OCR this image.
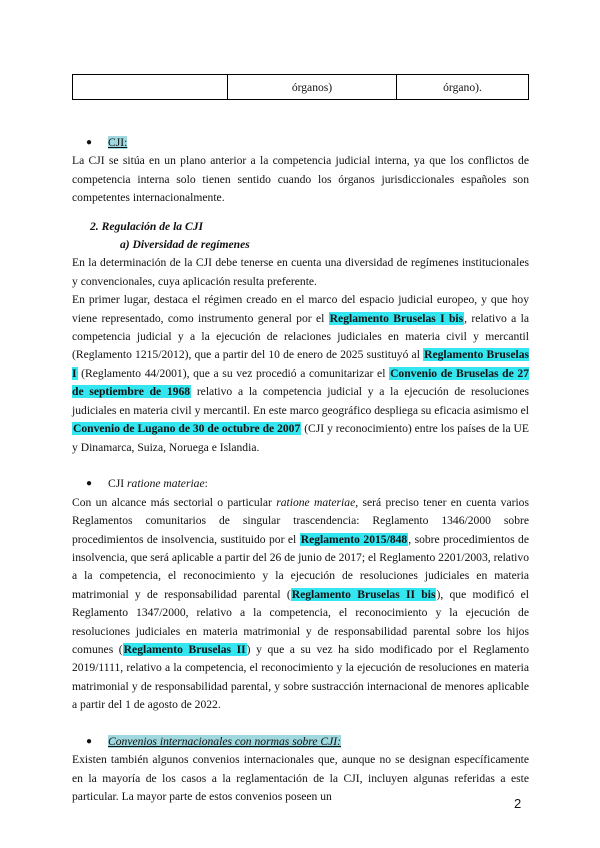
	órganos)	órgano).
● CJI:

La CJI se sitúa en un plano anterior a la competencia judicial interna, ya que los conflictos de competencia interna solo tienen sentido cuando los órganos jurisdiccionales españoles son competentes internacionalmente.

2. Regulación de la CJI
a) Diversidad de regímenes

En la determinación de la CJI debe tenerse en cuenta una diversidad de regímenes institucionales y convencionales, cuya aplicación resulta preferente.

En primer lugar, destaca el régimen creado en el marco del espacio judicial europeo, y que hoy viene representado, como instrumento general por el Reglamento Bruselas I bis, relativo a la competencia judicial y a la ejecución de relaciones judiciales en materia civil y mercantil (Reglamento 1215/2012), que a partir del 10 de enero de 2025 sustituyó al Reglamento Bruselas I (Reglamento 44/2001), que a su vez procedió a comunitarizar el Convenio de Bruselas de 27 de septiembre de 1968 relativo a la competencia judicial y a la ejecución de resoluciones judiciales en materia civil y mercantil. En este marco geográfico despliega su eficacia asimismo el Convenio de Lugano de 30 de octubre de 2007 (CJI y reconocimiento) entre los países de la UE y Dinamarca, Suiza, Noruega e Islandia.

● CJI ratione materiae:

Con un alcance más sectorial o particular ratione materiae, será preciso tener en cuenta varios Reglamentos comunitarios de singular trascendencia: Reglamento 1346/2000 sobre procedimientos de insolvencia, sustituido por el Reglamento 2015/848, sobre procedimientos de insolvencia, que será aplicable a partir del 26 de junio de 2017; el Reglamento 2201/2003, relativo a la competencia, el reconocimiento y la ejecución de resoluciones judiciales en materia matrimonial y de responsabilidad parental (Reglamento Bruselas II bis), que modificó el Reglamento 1347/2000, relativo a la competencia, el reconocimiento y la ejecución de resoluciones judiciales en materia matrimonial y de responsabilidad parental sobre los hijos comunes (Reglamento Bruselas II) y que a su vez ha sido modificado por el Reglamento 2019/1111, relativo a la competencia, el reconocimiento y la ejecución de resoluciones en materia matrimonial y de responsabilidad parental, y sobre sustracción internacional de menores aplicable a partir del 1 de agosto de 2022.

● Convenios internacionales con normas sobre CJI:

Existen también algunos convenios internacionales que, aunque no se designan específicamente en la mayoría de los casos a la reglamentación de la CJI, incluyen algunas referidas a este particular. La mayor parte de estos convenios poseen un	2
